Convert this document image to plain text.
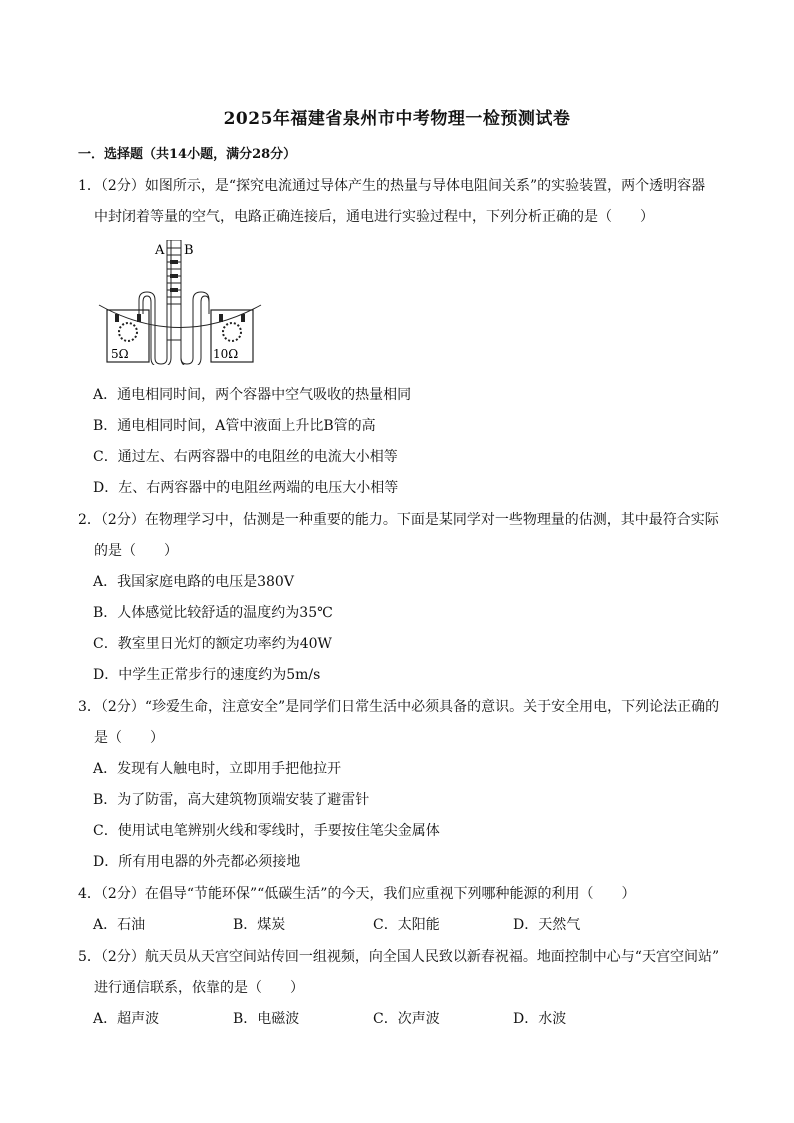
2025年福建省泉州市中考物理一检预测试卷
一．选择题（共14小题，满分28分）
1．（2分）如图所示，是“探究电流通过导体产生的热量与导体电阻间关系”的实验装置，两个透明容器
中封闭着等量的空气，电路正确连接后，通电进行实验过程中，下列分析正确的是（　　）
A B
5Ω	10Ω
A．通电相同时间，两个容器中空气吸收的热量相同
B．通电相同时间，A管中液面上升比B管的高
C．通过左、右两容器中的电阻丝的电流大小相等
D．左、右两容器中的电阻丝两端的电压大小相等
2．（2分）在物理学习中，估测是一种重要的能力。下面是某同学对一些物理量的估测，其中最符合实际
的是（　　）
A．我国家庭电路的电压是380V
B．人体感觉比较舒适的温度约为35℃
C．教室里日光灯的额定功率约为40W
D．中学生正常步行的速度约为5m/s
3．（2分）“珍爱生命，注意安全”是同学们日常生活中必须具备的意识。关于安全用电，下列论法正确的
是（　　）
A．发现有人触电时，立即用手把他拉开
B．为了防雷，高大建筑物顶端安装了避雷针
C．使用试电笔辨别火线和零线时，手要按住笔尖金属体
D．所有用电器的外壳都必须接地
4．（2分）在倡导“节能环保”“低碳生活”的今天，我们应重视下列哪种能源的利用（　　）
A．石油	B．煤炭	C．太阳能	D．天然气
5．（2分）航天员从天宫空间站传回一组视频，向全国人民致以新春祝福。地面控制中心与“天宫空间站”
进行通信联系，依靠的是（　　）
A．超声波	B．电磁波	C．次声波	D．水波
